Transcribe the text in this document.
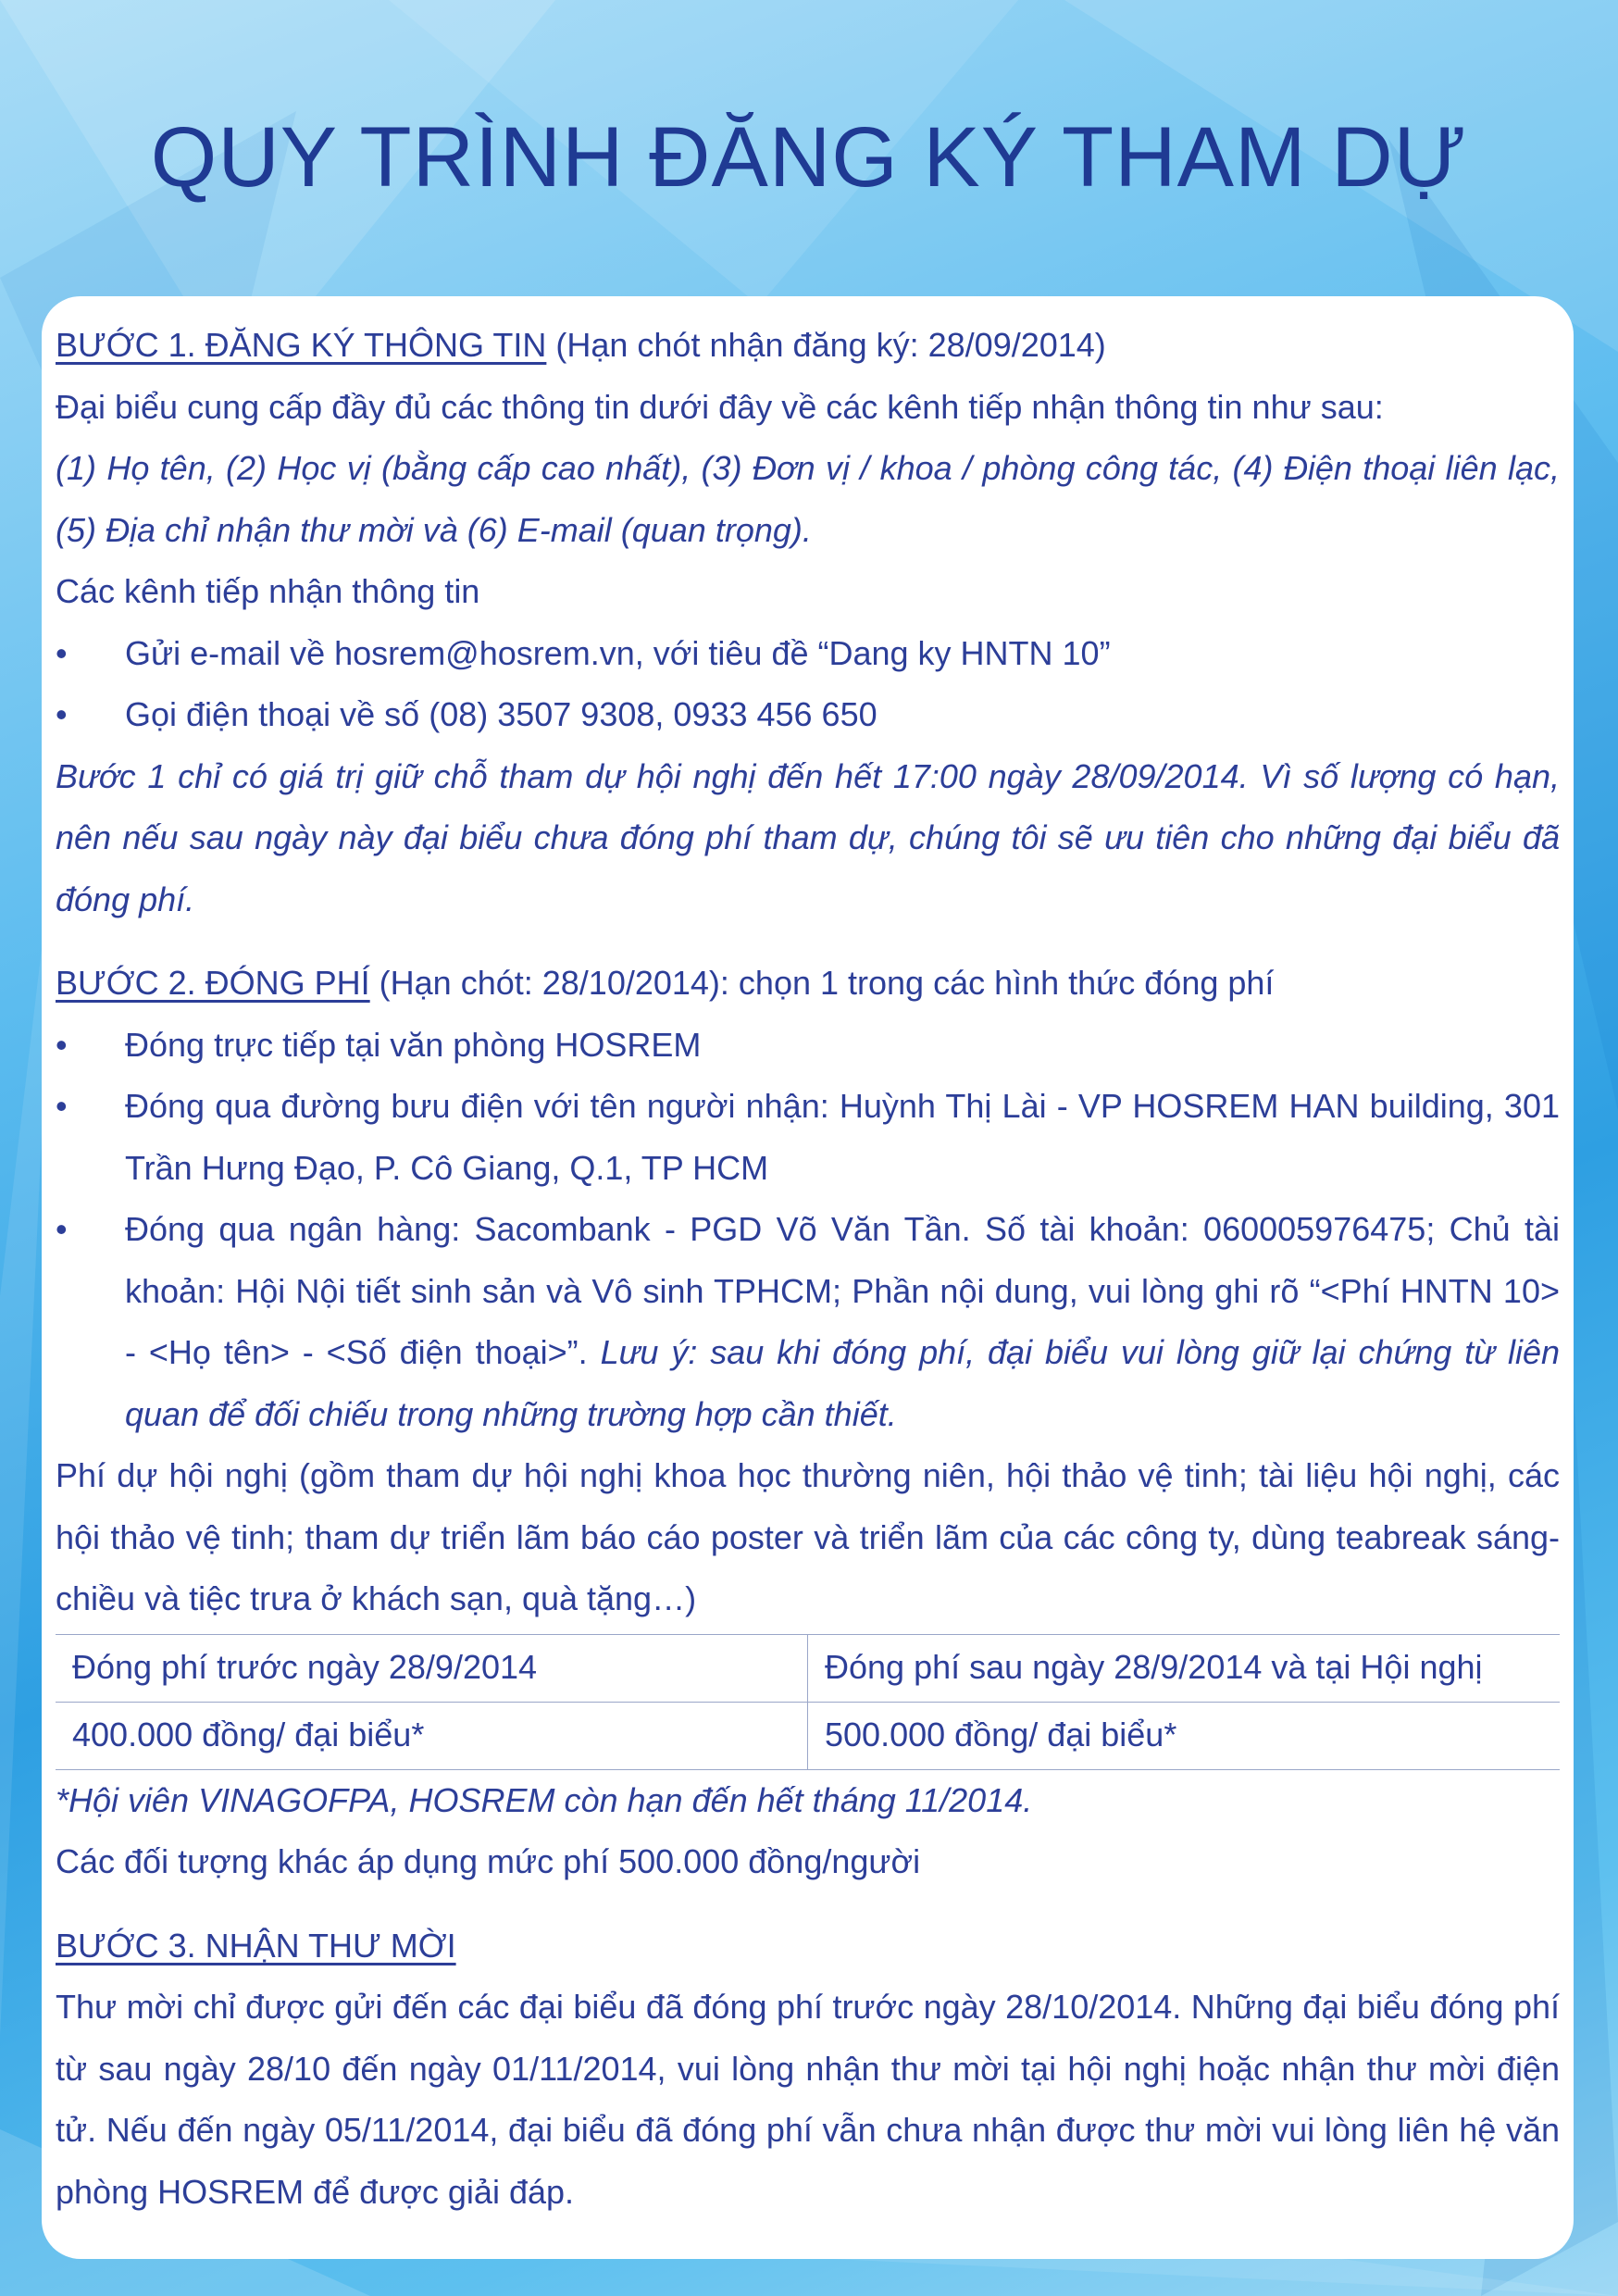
QUY TRÌNH ĐĂNG KÝ THAM DỰ

BƯỚC 1. ĐĂNG KÝ THÔNG TIN (Hạn chót nhận đăng ký: 28/09/2014)

Đại biểu cung cấp đầy đủ các thông tin dưới đây về các kênh tiếp nhận thông tin như sau:

(1) Họ tên, (2) Học vị (bằng cấp cao nhất), (3) Đơn vị / khoa / phòng công tác, (4) Điện thoại liên lạc, (5) Địa chỉ nhận thư mời và (6) E-mail (quan trọng).

Các kênh tiếp nhận thông tin

• Gửi e-mail về hosrem@hosrem.vn, với tiêu đề “Dang ky HNTN 10”

• Gọi điện thoại về số (08) 3507 9308, 0933 456 650

Bước 1 chỉ có giá trị giữ chỗ tham dự hội nghị đến hết 17:00 ngày 28/09/2014. Vì số lượng có hạn, nên nếu sau ngày này đại biểu chưa đóng phí tham dự, chúng tôi sẽ ưu tiên cho những đại biểu đã đóng phí.

BƯỚC 2. ĐÓNG PHÍ (Hạn chót: 28/10/2014): chọn 1 trong các hình thức đóng phí

• Đóng trực tiếp tại văn phòng HOSREM

• Đóng qua đường bưu điện với tên người nhận: Huỳnh Thị Lài - VP HOSREM HAN building, 301 Trần Hưng Đạo, P. Cô Giang, Q.1, TP HCM

• Đóng qua ngân hàng: Sacombank - PGD Võ Văn Tần. Số tài khoản: 060005976475; Chủ tài khoản: Hội Nội tiết sinh sản và Vô sinh TPHCM; Phần nội dung, vui lòng ghi rõ “<Phí HNTN 10> - <Họ tên> - <Số điện thoại>”. Lưu ý: sau khi đóng phí, đại biểu vui lòng giữ lại chứng từ liên quan để đối chiếu trong những trường hợp cần thiết.

Phí dự hội nghị (gồm tham dự hội nghị khoa học thường niên, hội thảo vệ tinh; tài liệu hội nghị, các hội thảo vệ tinh; tham dự triển lãm báo cáo poster và triển lãm của các công ty, dùng teabreak sáng-chiều và tiệc trưa ở khách sạn, quà tặng…)

Đóng phí trước ngày 28/9/2014	Đóng phí sau ngày 28/9/2014 và tại Hội nghị
400.000 đồng/ đại biểu*	500.000 đồng/ đại biểu*

*Hội viên VINAGOFPA, HOSREM còn hạn đến hết tháng 11/2014.

Các đối tượng khác áp dụng mức phí 500.000 đồng/người

BƯỚC 3. NHẬN THƯ MỜI

Thư mời chỉ được gửi đến các đại biểu đã đóng phí trước ngày 28/10/2014. Những đại biểu đóng phí từ sau ngày 28/10 đến ngày 01/11/2014, vui lòng nhận thư mời tại hội nghị hoặc nhận thư mời điện tử. Nếu đến ngày 05/11/2014, đại biểu đã đóng phí vẫn chưa nhận được thư mời vui lòng liên hệ văn phòng HOSREM để được giải đáp.
